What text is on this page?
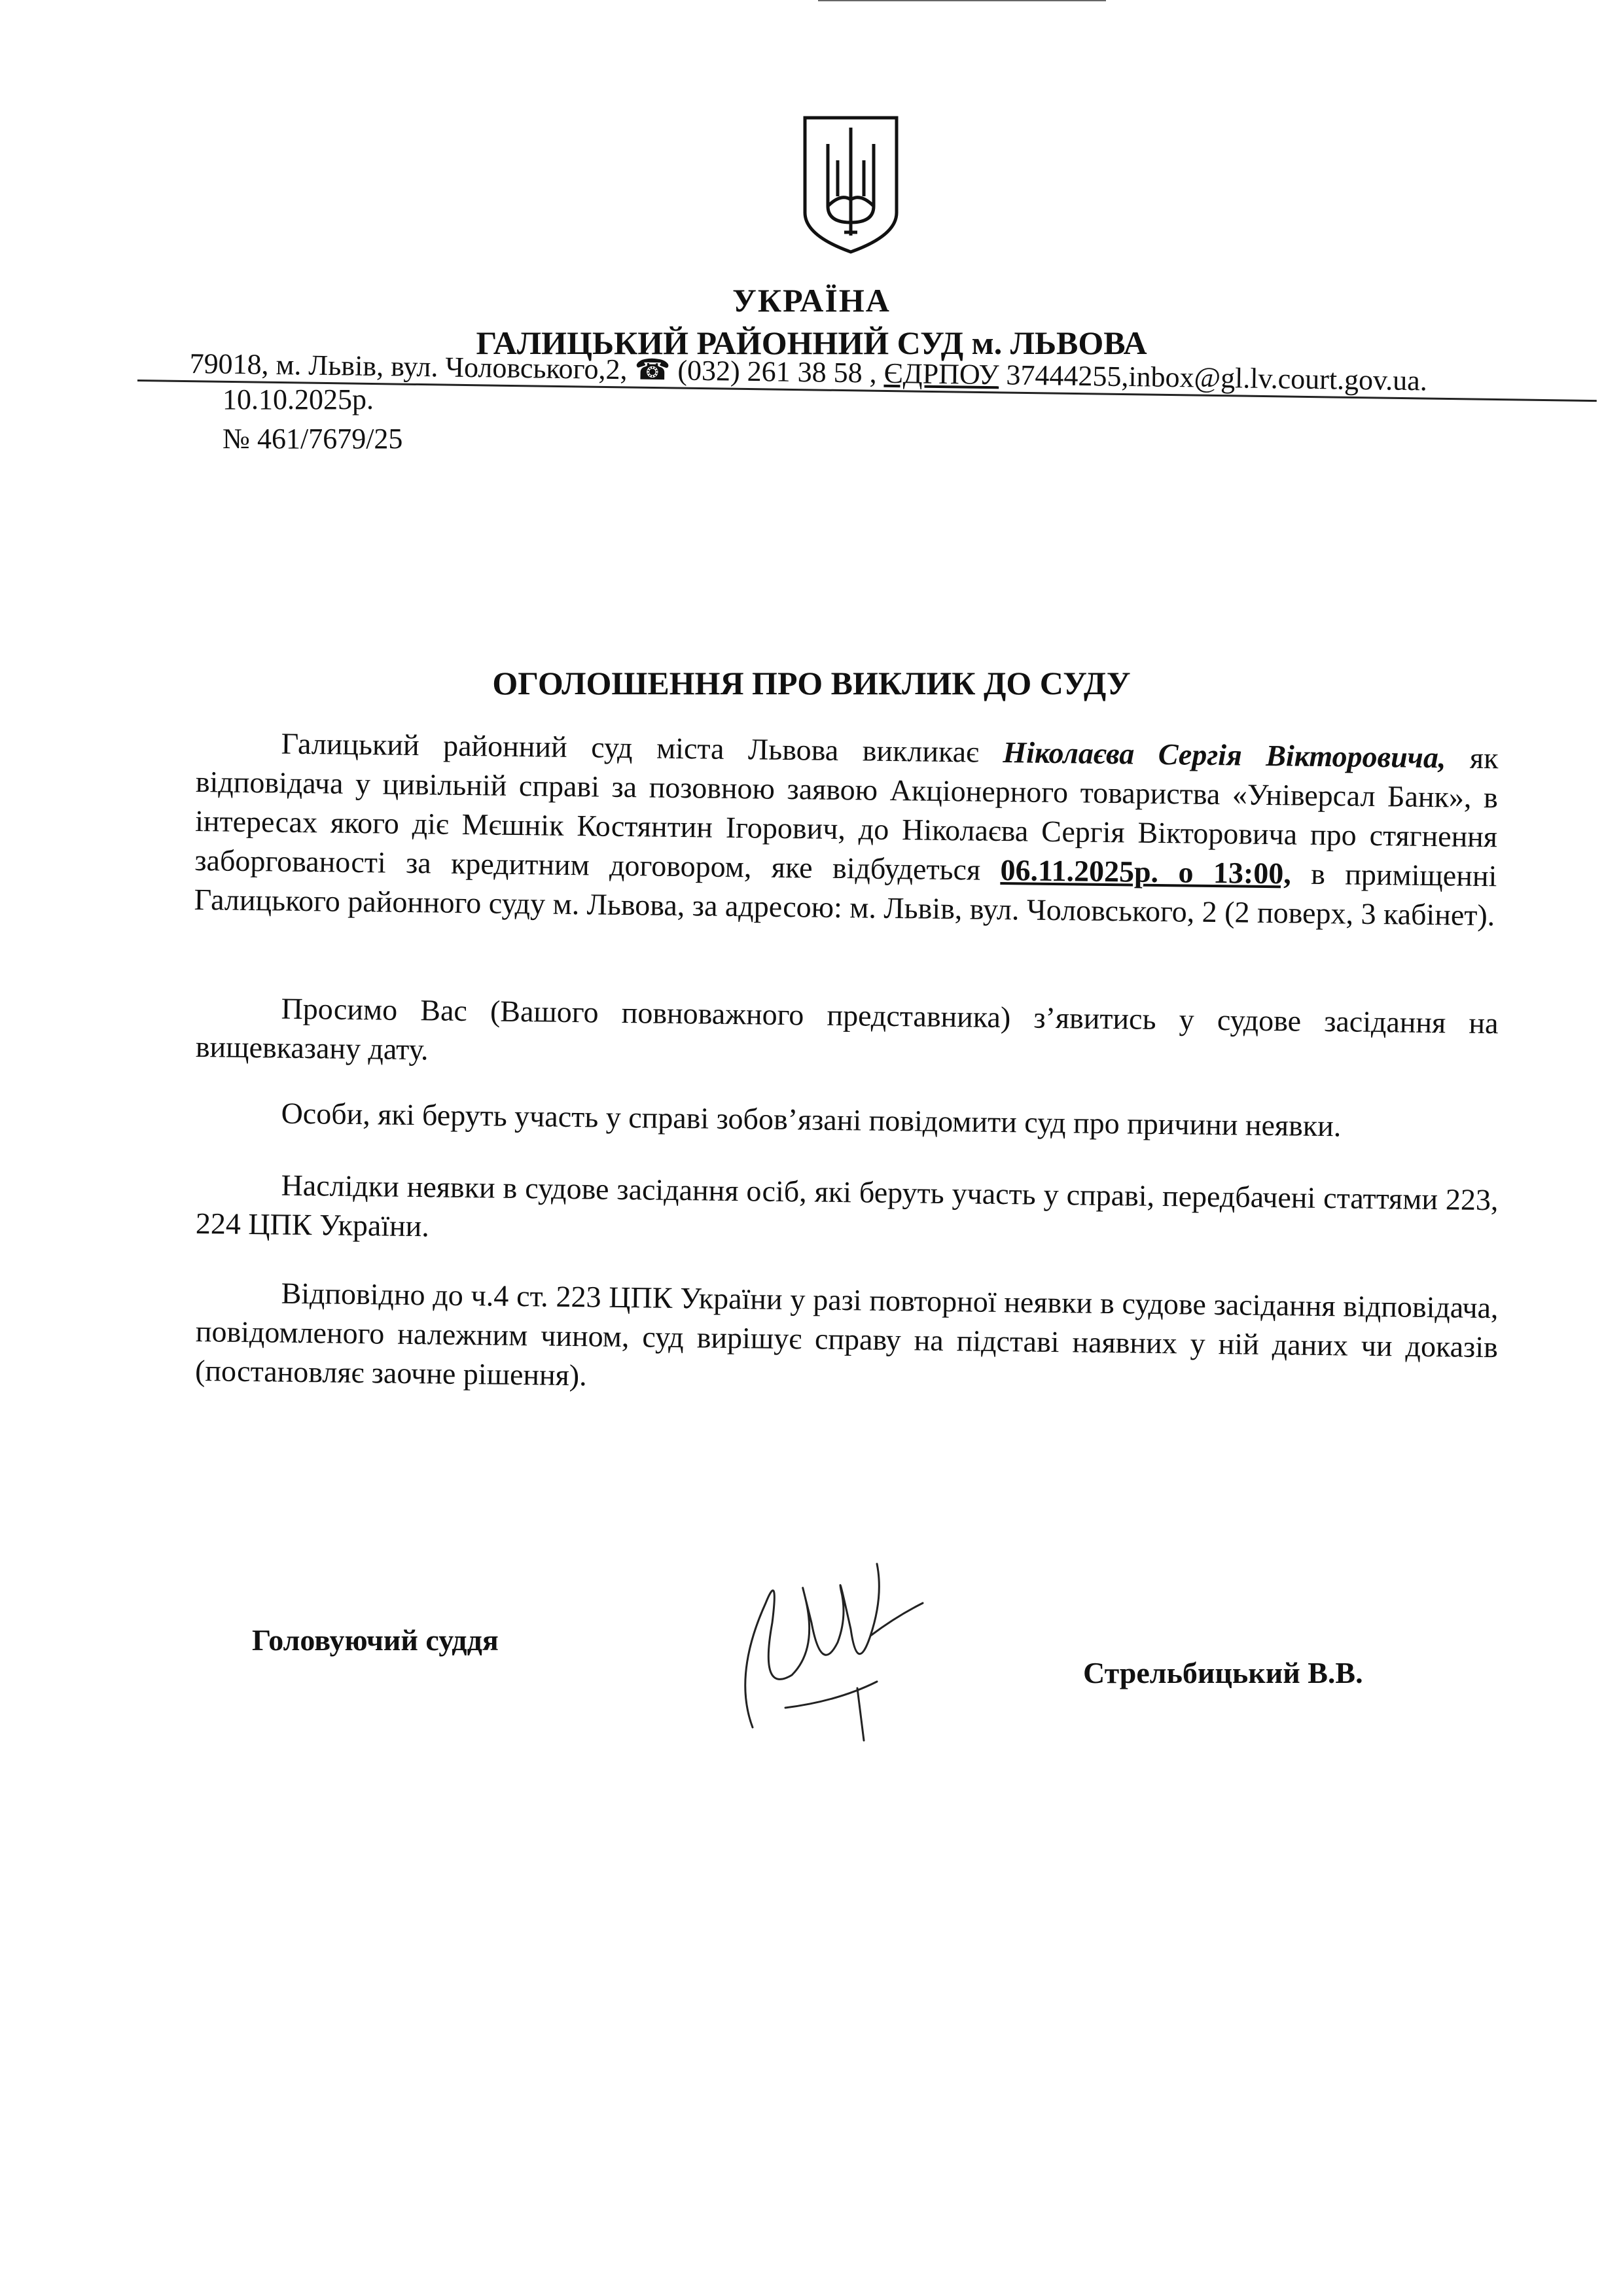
УКРАЇНА
ГАЛИЦЬКИЙ РАЙОННИЙ СУД м. ЛЬВОВА
79018, м. Львів, вул. Чоловського,2, ☎ (032) 261 38 58 , ЄДРПОУ 37444255,inbox@gl.lv.court.gov.ua.
10.10.2025р.
№ 461/7679/25
ОГОЛОШЕННЯ ПРО ВИКЛИК ДО СУДУ

Галицький районний суд міста Львова викликає Ніколаєва Сергія Вікторовича, як відповідача у цивільній справі за позовною заявою Акціонерного товариства «Універсал Банк», в інтересах якого діє Мєшнік Костянтин Ігорович, до Ніколаєва Сергія Вікторовича про стягнення заборгованості за кредитним договором, яке відбудеться 06.11.2025р. о 13:00, в приміщенні Галицького районного суду м. Львова, за адресою: м. Львів, вул. Чоловського, 2 (2 поверх, 3 кабінет).

Просимо Вас (Вашого повноважного представника) з’явитись у судове засідання на вищевказану дату.

Особи, які беруть участь у справі зобов’язані повідомити суд про причини неявки.

Наслідки неявки в судове засідання осіб, які беруть участь у справі, передбачені статтями 223, 224 ЦПК України.

Відповідно до ч.4 ст. 223 ЦПК України у разі повторної неявки в судове засідання відповідача, повідомленого належним чином, суд вирішує справу на підставі наявних у ній даних чи доказів (постановляє заочне рішення).

Головуючий суддя
Стрельбицький В.В.
